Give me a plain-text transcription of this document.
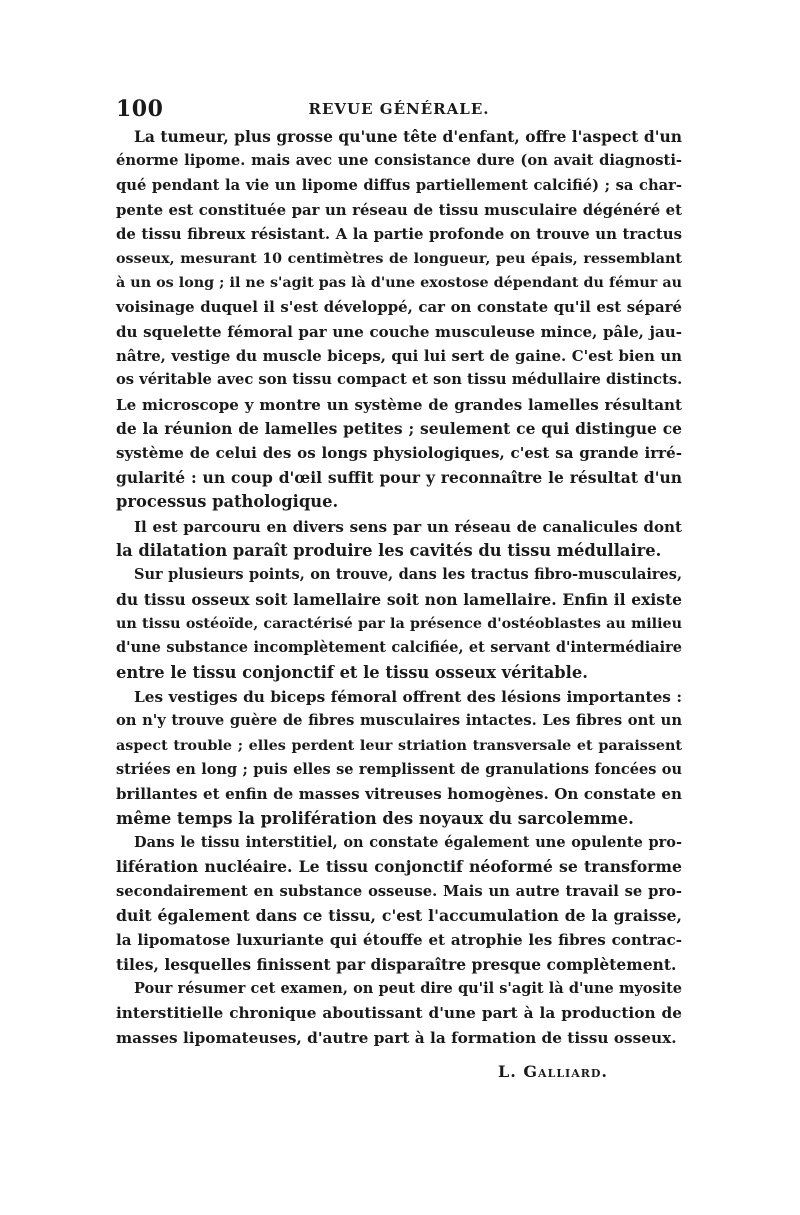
100	REVUE GÉNÉRALE.
La tumeur, plus grosse qu'une tête d'enfant, offre l'aspect d'un
énorme lipome. mais avec une consistance dure (on avait diagnosti-
qué pendant la vie un lipome diffus partiellement calcifié) ; sa char-
pente est constituée par un réseau de tissu musculaire dégénéré et
de tissu fibreux résistant. A la partie profonde on trouve un tractus
osseux, mesurant 10 centimètres de longueur, peu épais, ressemblant
à un os long ; il ne s'agit pas là d'une exostose dépendant du fémur au
voisinage duquel il s'est développé, car on constate qu'il est séparé
du squelette fémoral par une couche musculeuse mince, pâle, jau-
nâtre, vestige du muscle biceps, qui lui sert de gaine. C'est bien un
os véritable avec son tissu compact et son tissu médullaire distincts.
Le microscope y montre un système de grandes lamelles résultant
de la réunion de lamelles petites ; seulement ce qui distingue ce
système de celui des os longs physiologiques, c'est sa grande irré-
gularité : un coup d'œil suffit pour y reconnaître le résultat d'un
processus pathologique.
Il est parcouru en divers sens par un réseau de canalicules dont
la dilatation paraît produire les cavités du tissu médullaire.
Sur plusieurs points, on trouve, dans les tractus fibro-musculaires,
du tissu osseux soit lamellaire soit non lamellaire. Enfin il existe
un tissu ostéoïde, caractérisé par la présence d'ostéoblastes au milieu
d'une substance incomplètement calcifiée, et servant d'intermédiaire
entre le tissu conjonctif et le tissu osseux véritable.
Les vestiges du biceps fémoral offrent des lésions importantes :
on n'y trouve guère de fibres musculaires intactes. Les fibres ont un
aspect trouble ; elles perdent leur striation transversale et paraissent
striées en long ; puis elles se remplissent de granulations foncées ou
brillantes et enfin de masses vitreuses homogènes. On constate en
même temps la prolifération des noyaux du sarcolemme.
Dans le tissu interstitiel, on constate également une opulente pro-
lifération nucléaire. Le tissu conjonctif néoformé se transforme
secondairement en substance osseuse. Mais un autre travail se pro-
duit également dans ce tissu, c'est l'accumulation de la graisse,
la lipomatose luxuriante qui étouffe et atrophie les fibres contrac-
tiles, lesquelles finissent par disparaître presque complètement.
Pour résumer cet examen, on peut dire qu'il s'agit là d'une myosite
interstitielle chronique aboutissant d'une part à la production de
masses lipomateuses, d'autre part à la formation de tissu osseux.
L. Galliard.
